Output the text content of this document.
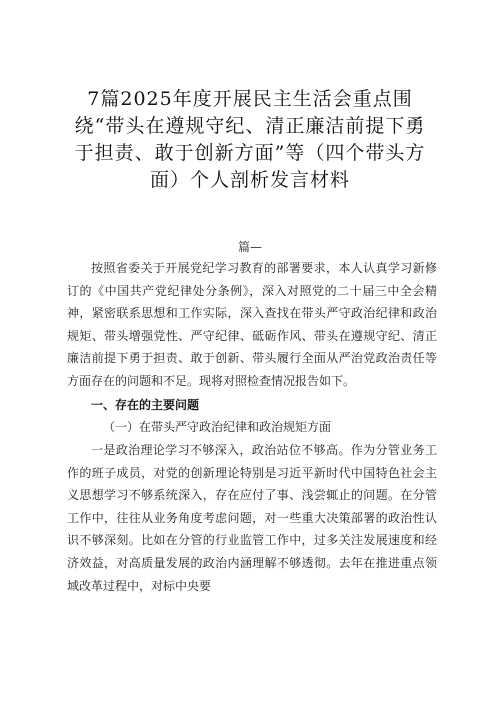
7篇2025年度开展民主生活会重点围绕“带头在遵规守纪、清正廉洁前提下勇于担责、敢于创新方面”等（四个带头方面）个人剖析发言材料
篇—
按照省委关于开展党纪学习教育的部署要求，本人认真学习新修订的《中国共产党纪律处分条例》，深入对照党的二十届三中全会精神，紧密联系思想和工作实际，深入查找在带头严守政治纪律和政治规矩、带头增强党性、严守纪律、砥砺作风、带头在遵规守纪、清正廉洁前提下勇于担责、敢于创新、带头履行全面从严治党政治责任等方面存在的问题和不足。现将对照检查情况报告如下。
一、存在的主要问题
（一）在带头严守政治纪律和政治规矩方面
一是政治理论学习不够深入，政治站位不够高。作为分管业务工作的班子成员，对党的创新理论特别是习近平新时代中国特色社会主义思想学习不够系统深入，存在应付了事、浅尝辄止的问题。在分管工作中，往往从业务角度考虑问题，对一些重大决策部署的政治性认识不够深刻。比如在分管的行业监管工作中，过多关注发展速度和经济效益，对高质量发展的政治内涵理解不够透彻。去年在推进重点领域改革过程中，对标中央要
